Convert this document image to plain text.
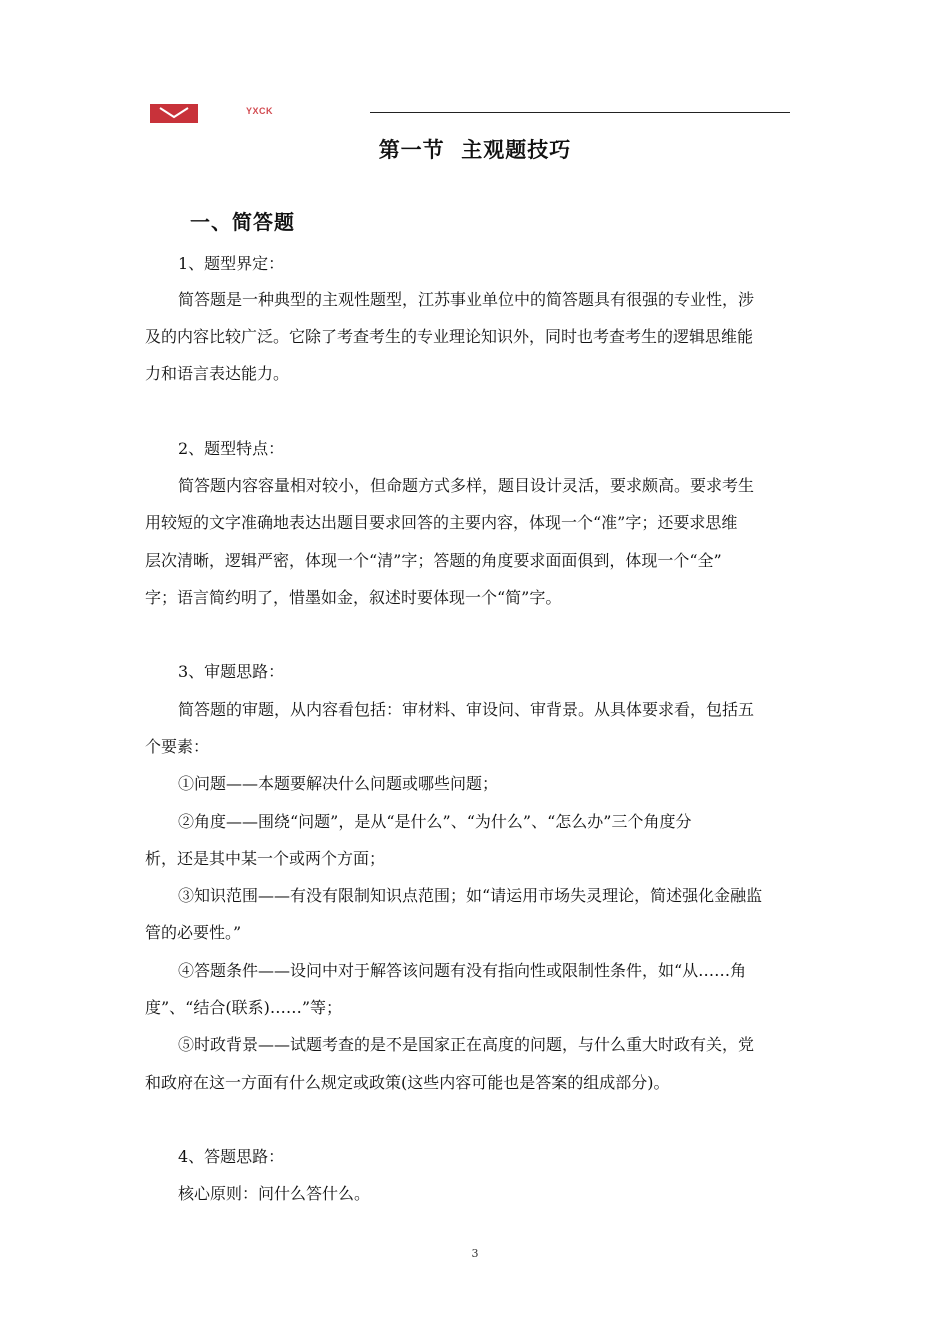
YXCK
第一节  主观题技巧
一、简答题
1、题型界定：
简答题是一种典型的主观性题型，江苏事业单位中的简答题具有很强的专业性，涉
及的内容比较广泛。它除了考查考生的专业理论知识外，同时也考查考生的逻辑思维能
力和语言表达能力。
2、题型特点：
简答题内容容量相对较小，但命题方式多样，题目设计灵活，要求颇高。要求考生
用较短的文字准确地表达出题目要求回答的主要内容，体现一个“准”字；还要求思维
层次清晰，逻辑严密，体现一个“清”字；答题的角度要求面面俱到，体现一个“全”
字；语言简约明了，惜墨如金，叙述时要体现一个“简”字。
3、审题思路：
简答题的审题，从内容看包括：审材料、审设问、审背景。从具体要求看，包括五
个要素：
①问题——本题要解决什么问题或哪些问题；
②角度——围绕“问题”，是从“是什么”、“为什么”、“怎么办”三个角度分
析，还是其中某一个或两个方面；
③知识范围——有没有限制知识点范围；如“请运用市场失灵理论，简述强化金融监
管的必要性。”
④答题条件——设问中对于解答该问题有没有指向性或限制性条件，如“从……角
度”、“结合(联系)……”等；
⑤时政背景——试题考查的是不是国家正在高度的问题，与什么重大时政有关，党
和政府在这一方面有什么规定或政策(这些内容可能也是答案的组成部分)。
4、答题思路：
核心原则：问什么答什么。
3
